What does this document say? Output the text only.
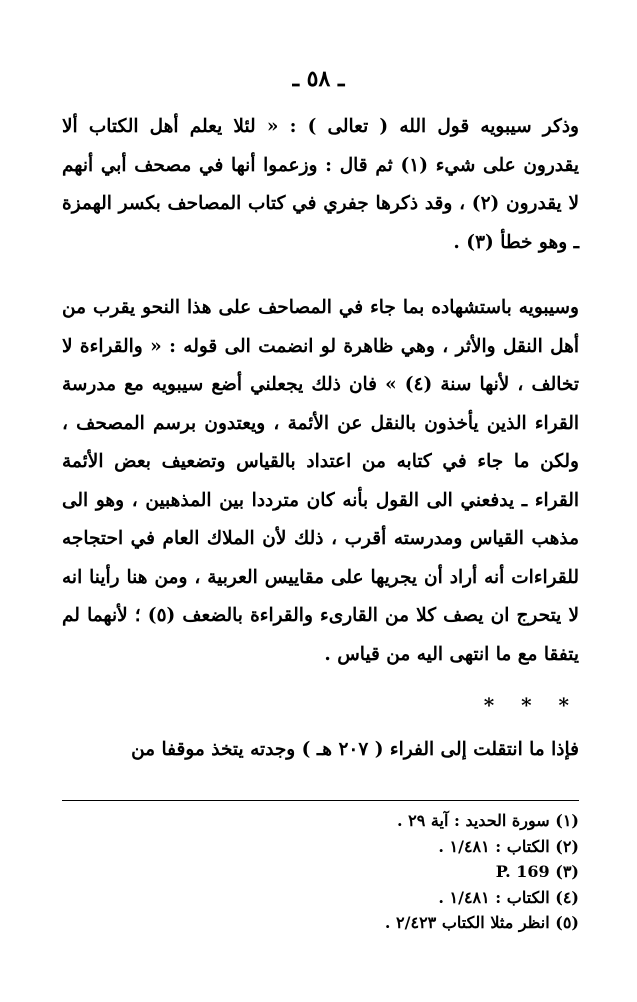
ـ ٥٨ ـ

وذكر سيبويه قول الله ( تعالى ) : « لئلا يعلم أهل الكتاب ألا يقدرون على شيء (١) ثم قال : وزعموا أنها في مصحف أبي أنهم لا يقدرون (٢) ، وقد ذكرها جفري في كتاب المصاحف بكسر الهمزة ـ وهو خطأ (٣) .

وسيبويه باستشهاده بما جاء في المصاحف على هذا النحو يقرب من أهل النقل والأثر ، وهي ظاهرة لو انضمت الى قوله : « والقراءة لا تخالف ، لأنها سنة (٤) » فان ذلك يجعلني أضع سيبويه مع مدرسة القراء الذين يأخذون بالنقل عن الأئمة ، ويعتدون برسم المصحف ، ولكن ما جاء في كتابه من اعتداد بالقياس وتضعيف بعض الأئمة القراء ـ يدفعني الى القول بأنه كان مترددا بين المذهبين ، وهو الى مذهب القياس ومدرسته أقرب ، ذلك لأن الملاك العام في احتجاجه للقراءات أنه أراد أن يجريها على مقاييس العربية ، ومن هنا رأينا انه لا يتحرج ان يصف كلا من القارىء والقراءة بالضعف (٥) ؛ لأنهما لم يتفقا مع ما انتهى اليه من قياس .

* * *

فإذا ما انتقلت إلى الفراء ( ٢٠٧ هـ ) وجدته يتخذ موقفا من

(١) سورة الحديد : آية ٢٩ .
(٢) الكتاب : ١/٤٨١ .
(٣) P. 169
(٤) الكتاب : ١/٤٨١ .
(٥) انظر مثلا الكتاب ٢/٤٢٣ .
